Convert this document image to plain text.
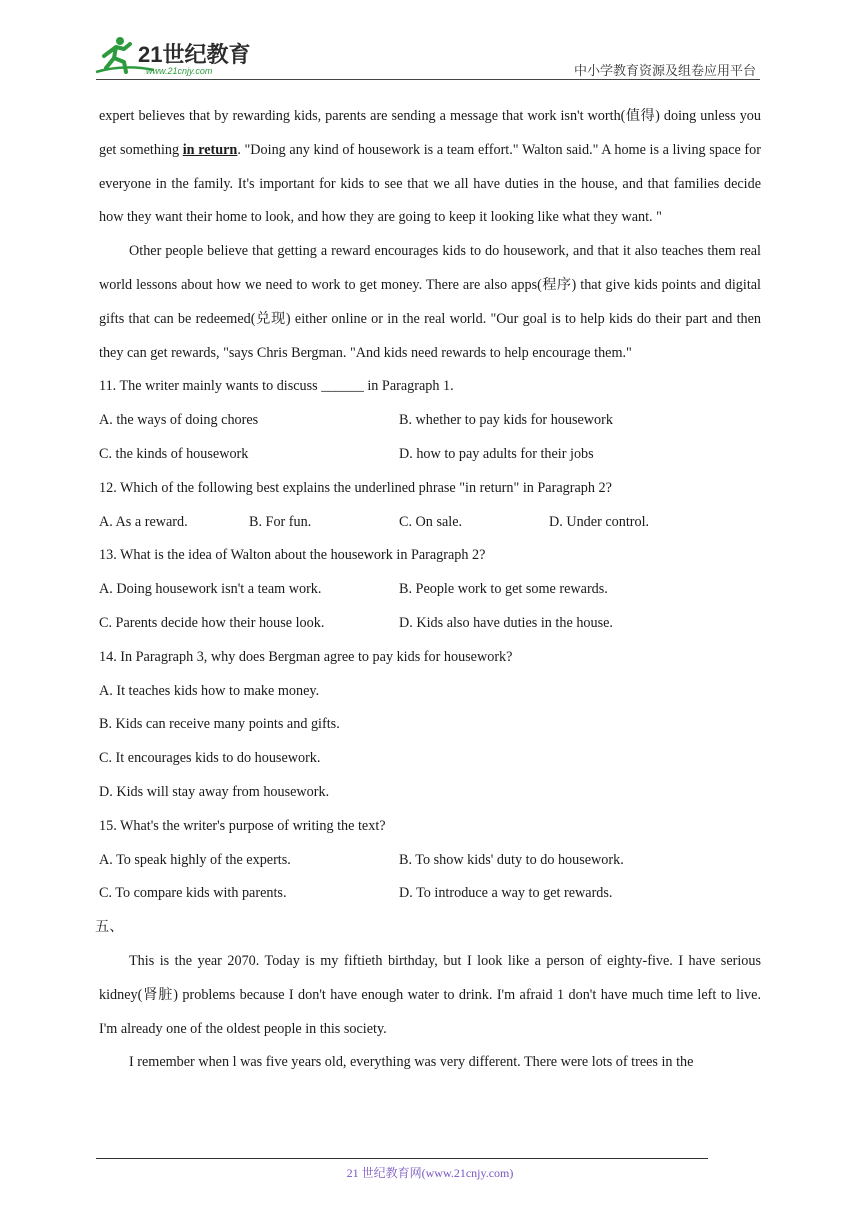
21世纪教育
www.21cnjy.com	中小学教育资源及组卷应用平台

expert believes that by rewarding kids, parents are sending a message that work isn't worth(值得) doing unless you get something in return. "Doing any kind of housework is a team effort." Walton said." A home is a living space for everyone in the family. It's important for kids to see that we all have duties in the house, and that families decide how they want their home to look, and how they are going to keep it looking like what they want. "

Other people believe that getting a reward encourages kids to do housework, and that it also teaches them real world lessons about how we need to work to get money. There are also apps(程序) that give kids points and digital gifts that can be redeemed(兑现) either online or in the real world. "Our goal is to help kids do their part and then they can get rewards, "says Chris Bergman. "And kids need rewards to help encourage them."

11. The writer mainly wants to discuss ______ in Paragraph 1.
A. the ways of doing chores	B. whether to pay kids for housework
C. the kinds of housework	D. how to pay adults for their jobs
12. Which of the following best explains the underlined phrase "in return" in Paragraph 2?
A. As a reward.	B. For fun.	C. On sale.	D. Under control.
13. What is the idea of Walton about the housework in Paragraph 2?
A. Doing housework isn't a team work.	B. People work to get some rewards.
C. Parents decide how their house look.	D. Kids also have duties in the house.
14. In Paragraph 3, why does Bergman agree to pay kids for housework?
A. It teaches kids how to make money.
B. Kids can receive many points and gifts.
C. It encourages kids to do housework.
D. Kids will stay away from housework.
15. What's the writer's purpose of writing the text?
A. To speak highly of the experts.	B. To show kids' duty to do housework.
C. To compare kids with parents.	D. To introduce a way to get rewards.
五、

This is the year 2070. Today is my fiftieth birthday, but I look like a person of eighty-five. I have serious kidney(肾脏) problems because I don't have enough water to drink. I'm afraid 1 don't have much time left to live. I'm already one of the oldest people in this society.

I remember when l was five years old, everything was very different. There were lots of trees in the

21 世纪教育网(www.21cnjy.com)
